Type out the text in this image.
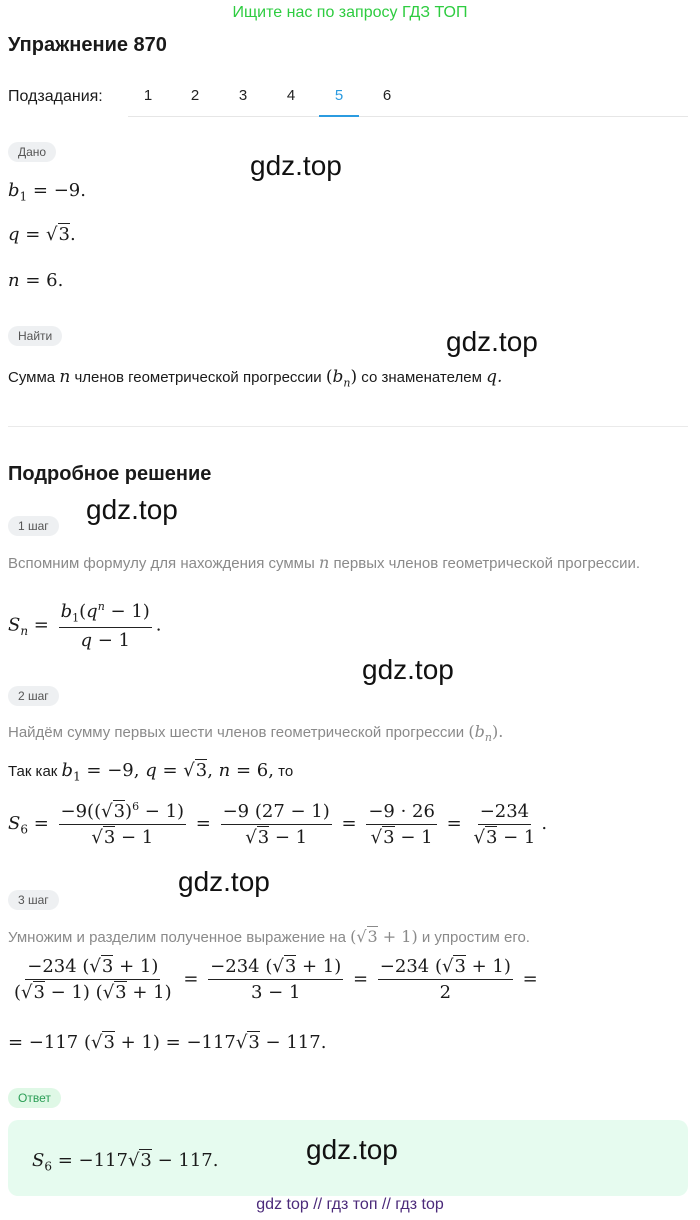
Ищите нас по запросу ГДЗ ТОП
Упражнение 870
Подзадания:	1	2	3	4	5	6
Дано
$b_1 = -9$.
q = √3.
n = 6.
Найти
Сумма n членов геометрической прогрессии $(b_n)$ со знаменателем q.
Подробное решение
1 шаг
Вспомним формулу для нахождения суммы n первых членов геометрической прогрессии.
$S_n = \frac{b_1(q^n - 1)}{q - 1}$ .
2 шаг
Найдём сумму первых шести членов геометрической прогрессии $(b_n)$.
Так как $b_1 = -9$, q = √3, n = 6, то
$S_6 = \frac{-9((√3)^6 - 1)}{√3 - 1} = \frac{-9 (27 - 1)}{√3 - 1} = \frac{-9 \cdot 26}{√3 - 1} = \frac{-234}{√3 - 1}$ .
3 шаг
Умножим и разделим полученное выражение на (√3 + 1) и упростим его.
$\frac{-234 (√3 + 1)}{(√3 - 1) (√3 + 1)} = \frac{-234 (√3 + 1)}{3 - 1} = \frac{-234 (√3 + 1)}{2}$ =
= −117 (√3 + 1) = −117√3 − 117.
Ответ
$S_6 = -117√3 - 117$.
gdz.top
gdz.top
gdz.top
gdz.top
gdz.top
gdz.top
gdz top // гдз топ // гдз top
